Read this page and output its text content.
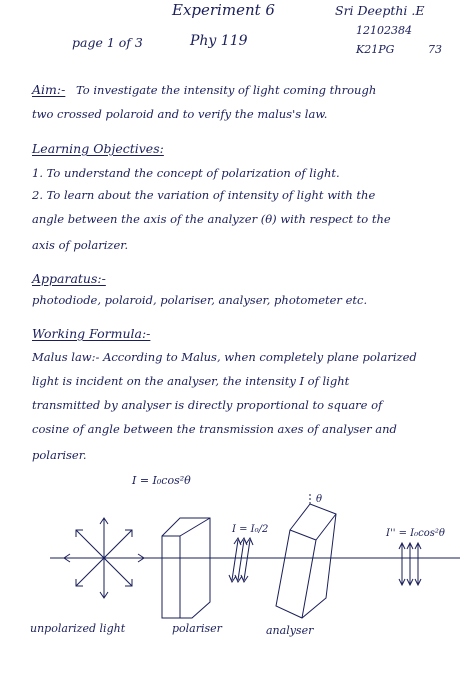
Experiment 6
page 1 of 3	Phy 119
Sri Deepthi .E
12102384
K21PG	73
Aim:- To investigate the intensity of light coming through
two crossed polaroid and to verify the malus's law.
Learning Objectives:
1. To understand the concept of polarization of light.
2. To learn about the variation of intensity of light with the
angle between the axis of the analyzer (θ) with respect to the
axis of polarizer.
Apparatus:-
photodiode, polaroid, polariser, analyser, photometer etc.
Working Formula:-
Malus law:- According to Malus, when completely plane polarized
light is incident on the analyser, the intensity I of light
transmitted by analyser is directly proportional to square of
cosine of angle between the transmission axes of analyser and
polariser.
I = I₀cos²θ
θ
I = I₀/2	I'' = I₀cos²θ
unpolarized light	polariser	analyser
